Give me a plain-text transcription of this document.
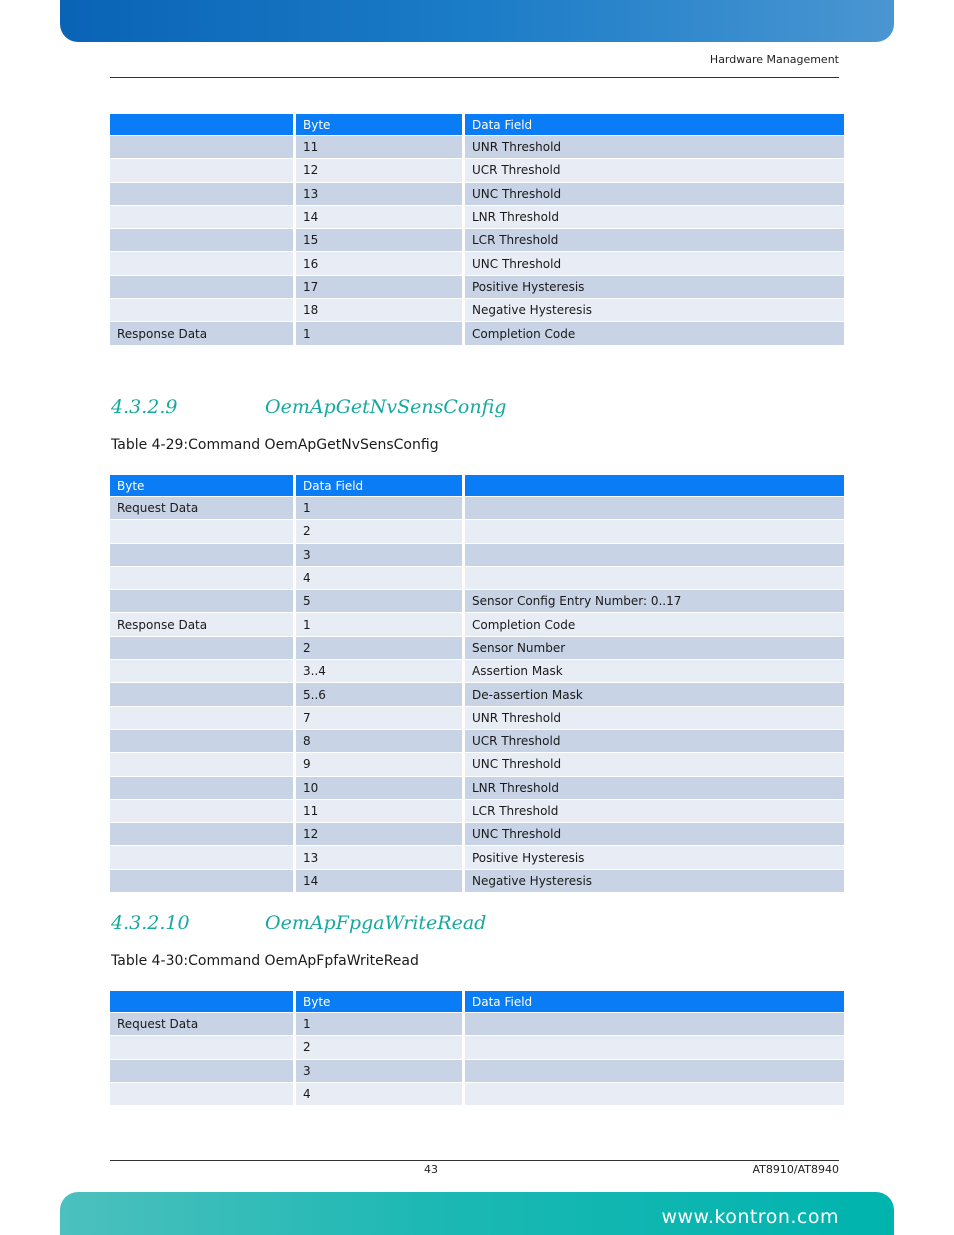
Hardware Management
	Byte	Data Field
	11	UNR Threshold
	12	UCR Threshold
	13	UNC Threshold
	14	LNR Threshold
	15	LCR Threshold
	16	UNC Threshold
	17	Positive Hysteresis
	18	Negative Hysteresis
Response Data	1	Completion Code
4.3.2.9	OemApGetNvSensConfig
Table 4-29:Command OemApGetNvSensConfig
Byte	Data Field	
Request Data	1	
	2	
	3	
	4	
	5	Sensor Config Entry Number: 0..17
Response Data	1	Completion Code
	2	Sensor Number
	3..4	Assertion Mask
	5..6	De-assertion Mask
	7	UNR Threshold
	8	UCR Threshold
	9	UNC Threshold
	10	LNR Threshold
	11	LCR Threshold
	12	UNC Threshold
	13	Positive Hysteresis
	14	Negative Hysteresis
4.3.2.10	OemApFpgaWriteRead
Table 4-30:Command OemApFpfaWriteRead
	Byte	Data Field
Request Data	1	
	2	
	3	
	4	
43	AT8910/AT8940
www.kontron.com
